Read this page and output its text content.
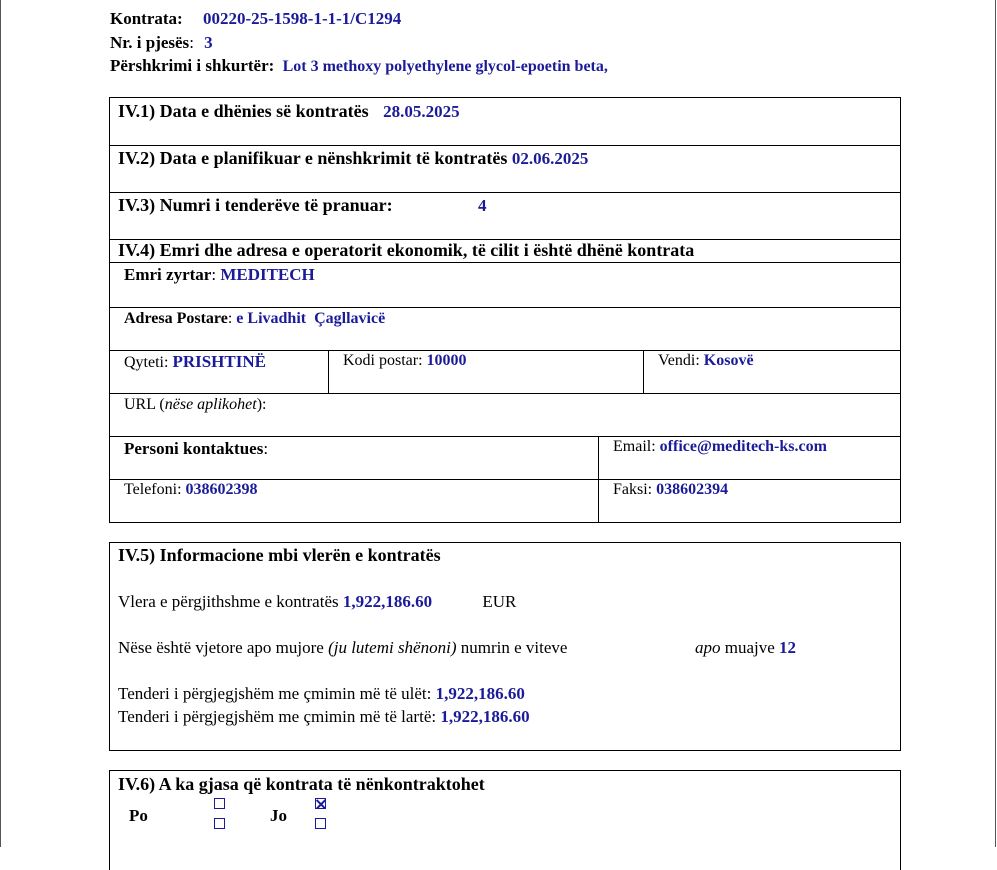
Kontrata: 00220-25-1598-1-1-1/C1294
Nr. i pjesës: 3
Përshkrimi i shkurtër: Lot 3 methoxy polyethylene glycol-epoetin beta,
IV.1) Data e dhënies së kontratës 28.05.2025
IV.2) Data e planifikuar e nënshkrimit të kontratës 02.06.2025
IV.3) Numri i tenderëve të pranuar:	4
IV.4) Emri dhe adresa e operatorit ekonomik, të cilit i është dhënë kontrata
Emri zyrtar: MEDITECH
Adresa Postare: e Livadhit  Çagllavicë
Qyteti: PRISHTINË	Kodi postar: 10000	Vendi: Kosovë
URL (nëse aplikohet):
Personi kontaktues:	Email: office@meditech-ks.com
Telefoni: 038602398	Faksi: 038602394
IV.5) Informacione mbi vlerën e kontratës
Vlera e përgjithshme e kontratës 1,922,186.60	EUR
Nëse është vjetore apo mujore (ju lutemi shënoni) numrin e viteve	apo muajve 12
Tenderi i përgjegjshëm me çmimin më të ulët: 1,922,186.60
Tenderi i përgjegjshëm me çmimin më të lartë: 1,922,186.60
IV.6) A ka gjasa që kontrata të nënkontraktohet
Po	Jo
